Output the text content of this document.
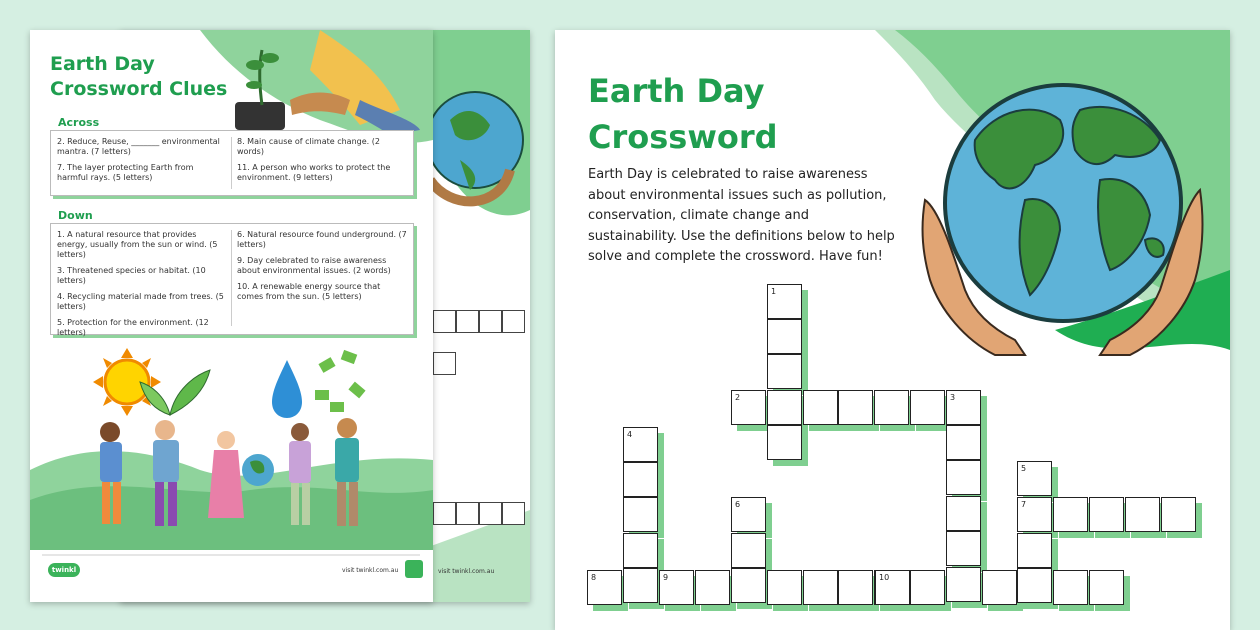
visit twinkl.com.au
Earth Day
Crossword Clues
Across
2. Reduce, Reuse, _______ environmental mantra. (7 letters)
7. The layer protecting Earth from harmful rays. (5 letters)
8. Main cause of climate change. (2 words)
11. A person who works to protect the environment. (9 letters)
Down
1. A natural resource that provides energy, usually from the sun or wind. (5 letters)
3. Threatened species or habitat. (10 letters)
4. Recycling material made from trees. (5 letters)
5. Protection for the environment. (12 letters)
6. Natural resource found underground. (7 letters)
9. Day celebrated to raise awareness about environmental issues. (2 words)
10. A renewable energy source that comes from the sun. (5 letters)
twinkl	visit twinkl.com.au
Earth Day
Crossword
Earth Day is celebrated to raise awareness about environmental issues such as pollution, conservation, climate change and sustainability. Use the definitions below to help solve and complete the crossword. Have fun!
1
2	3
4
5
7
6
8	9	10
